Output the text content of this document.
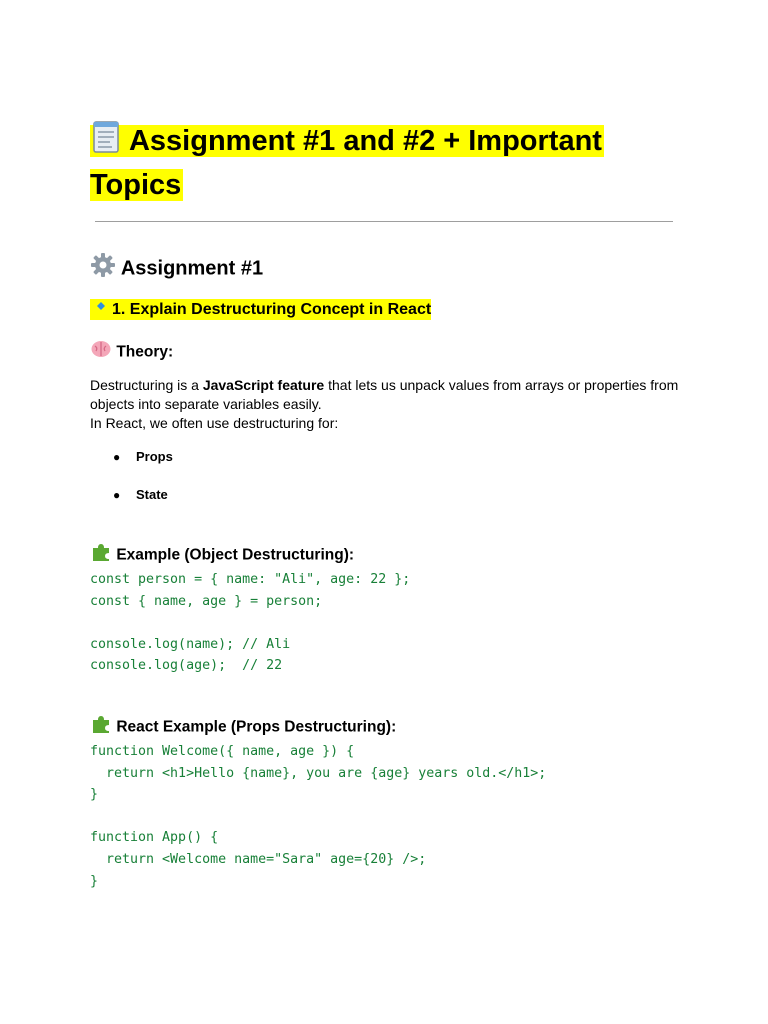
Assignment #1 and #2 + Important
Topics
Assignment #1
1. Explain Destructuring Concept in React
Theory:
Destructuring is a JavaScript feature that lets us unpack values from arrays or properties from objects into separate variables easily.
In React, we often use destructuring for:
● Props
● State
Example (Object Destructuring):
const person = { name: "Ali", age: 22 };
const { name, age } = person;

console.log(name); // Ali
console.log(age);  // 22
React Example (Props Destructuring):
function Welcome({ name, age }) {
return <h1>Hello {name}, you are {age} years old.</h1>;
}

function App() {
return <Welcome name="Sara" age={20} />;
}
